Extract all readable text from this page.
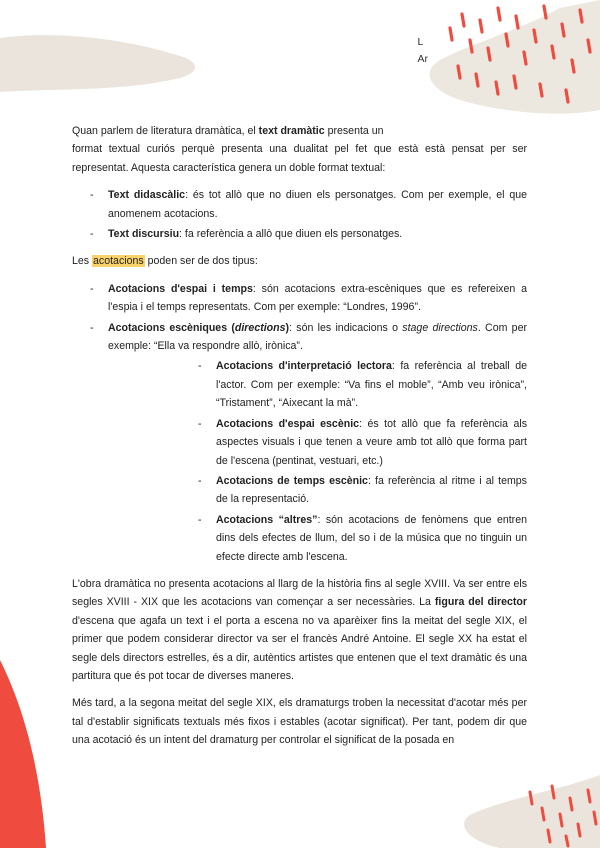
L
Ar

Quan parlem de literatura dramàtica, el text dramàtic presenta un
format textual curiós perquè presenta una dualitat pel fet que està està pensat per ser representat. Aquesta característica genera un doble format textual:

- Text didascàlic: és tot allò que no diuen els personatges. Com per exemple, el que anomenem acotacions.
- Text discursiu: fa referència a allò que diuen els personatges.

Les acotacions poden ser de dos tipus:

- Acotacions d'espai i temps: són acotacions extra-escèniques que es refereixen a l'espia i el temps representats. Com per exemple: “Londres, 1996”.
- Acotacions escèniques (directions): són les indicacions o stage directions. Com per exemple: “Ella va respondre allò, irònica”.
- Acotacions d'interpretació lectora: fa referència al treball de l'actor. Com per exemple: “Va fins el moble”, “Amb veu irònica”, “Tristament”, “Aixecant la mà”.
- Acotacions d'espai escènic: és tot allò que fa referència als aspectes visuals i que tenen a veure amb tot allò que forma part de l'escena (pentinat, vestuari, etc.)
- Acotacions de temps escènic: fa referència al ritme i al temps de la representació.
- Acotacions “altres”: són acotacions de fenòmens que entren dins dels efectes de llum, del so i de la música que no tinguin un efecte directe amb l'escena.

L'obra dramàtica no presenta acotacions al llarg de la història fins al segle XVIII. Va ser entre els segles XVIII - XIX que les acotacions van començar a ser necessàries. La figura del director d'escena que agafa un text i el porta a escena no va aparèixer fins la meitat del segle XIX, el primer que podem considerar director va ser el francès André Antoine. El segle XX ha estat el segle dels directors estrelles, és a dir, autèntics artistes que entenen que el text dramàtic és una partitura que és pot tocar de diverses maneres.

Més tard, a la segona meitat del segle XIX, els dramaturgs troben la necessitat d'acotar més per tal d'establir significats textuals més fixos i estables (acotar significat). Per tant, podem dir que una acotació és un intent del dramaturg per controlar el significat de la posada en
